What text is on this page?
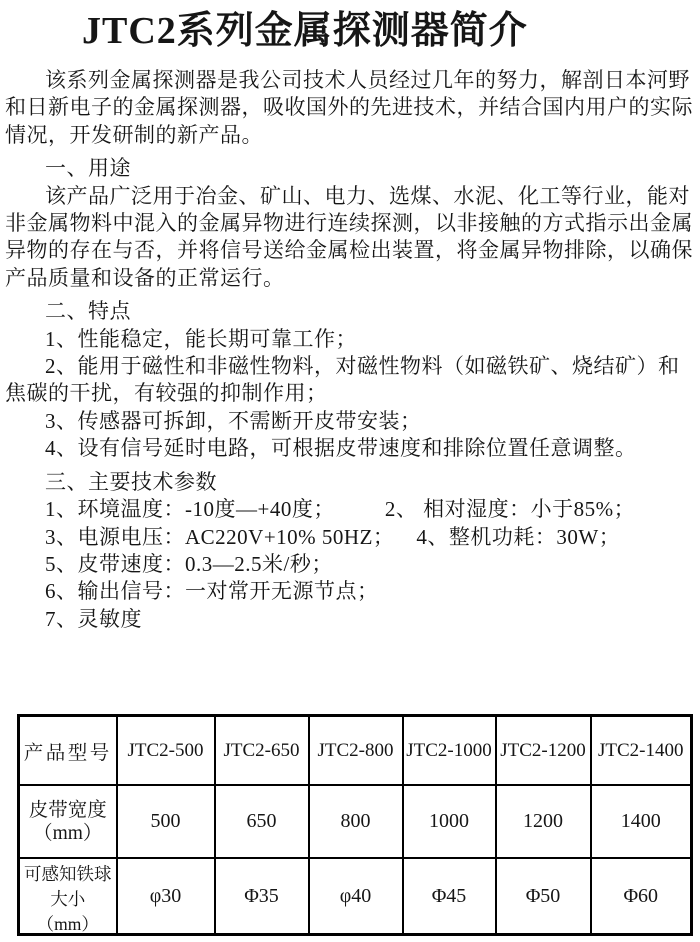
JTC2系列金属探测器简介
该系列金属探测器是我公司技术人员经过几年的努力，解剖日本河野
和日新电子的金属探测器，吸收国外的先进技术，并结合国内用户的实际
情况，开发研制的新产品。
一、用途
该产品广泛用于冶金、矿山、电力、选煤、水泥、化工等行业，能对
非金属物料中混入的金属异物进行连续探测，以非接触的方式指示出金属
异物的存在与否，并将信号送给金属检出装置，将金属异物排除，以确保
产品质量和设备的正常运行。
二、特点
1、性能稳定，能长期可靠工作；
2、能用于磁性和非磁性物料，对磁性物料（如磁铁矿、烧结矿）和
焦碳的干扰，有较强的抑制作用；
3、传感器可拆卸，不需断开皮带安装；
4、设有信号延时电路，可根据皮带速度和排除位置任意调整。
三、主要技术参数
1、环境温度：-10度—+40度； 2、 相对湿度：小于85%；
3、电源电压：AC220V+10% 50HZ； 4、整机功耗：30W；
5、皮带速度：0.3—2.5米/秒；
6、输出信号：一对常开无源节点；
7、灵敏度
产品型号	JTC2-500	JTC2-650	JTC2-800	JTC2-1000	JTC2-1200	JTC2-1400

皮带宽度
（mm）	500	650	800	1000	1200	1400

可感知铁球
大小
（mm）	φ30	Φ35	φ40	Φ45	Φ50	Φ60
